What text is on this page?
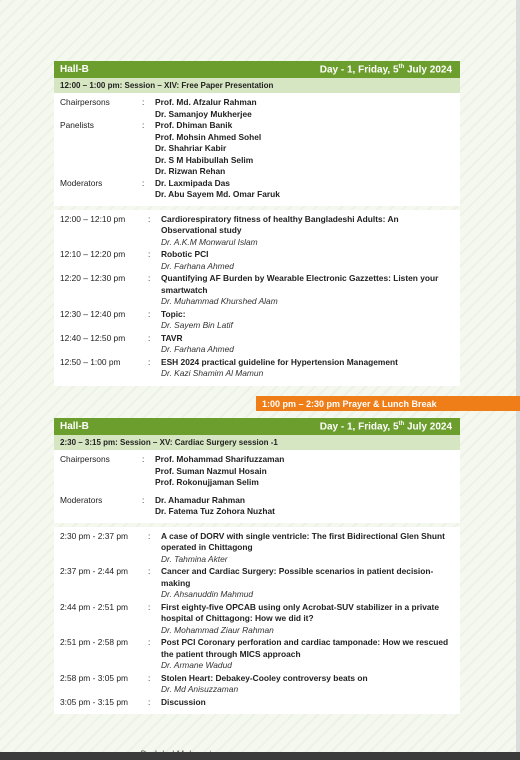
Hall-B	Day - 1, Friday, 5th July 2024
12:00 – 1:00 pm: Session – XIV: Free Paper Presentation
Chairpersons	:	Prof. Md. Afzalur Rahman
Dr. Samanjoy Mukherjee
Panelists	:	Prof. Dhiman Banik
Prof. Mohsin Ahmed Sohel
Dr. Shahriar Kabir
Dr. S M Habibullah Selim
Dr. Rizwan Rehan
Moderators	:	Dr. Laxmipada Das
Dr. Abu Sayem Md. Omar Faruk
12:00 – 12:10 pm	:	Cardiorespiratory fitness of healthy Bangladeshi Adults: An Observational study
Dr. A.K.M Monwarul Islam
12:10 – 12:20 pm	:	Robotic PCI
Dr. Farhana Ahmed
12:20 – 12:30 pm	:	Quantifying AF Burden by Wearable Electronic Gazzettes: Listen your smartwatch
Dr. Muhammad Khurshed Alam
12:30 – 12:40 pm	:	Topic:
Dr. Sayem Bin Latif
12:40 – 12:50 pm	:	TAVR
Dr. Farhana Ahmed
12:50 – 1:00 pm	:	ESH 2024 practical guideline for Hypertension Management
Dr. Kazi Shamim Al Mamun
1:00 pm – 2:30 pm Prayer & Lunch Break
Hall-B	Day - 1, Friday, 5th July 2024
2:30 – 3:15 pm: Session – XV: Cardiac Surgery session -1
Chairpersons	:	Prof. Mohammad Sharifuzzaman
Prof. Suman Nazmul Hosain
Prof. Rokonujjaman Selim
Moderators	:	Dr. Ahamadur Rahman
Dr. Fatema Tuz Zohora Nuzhat
2:30 pm - 2:37 pm	:	A case of DORV with single ventricle: The first Bidirectional Glen Shunt operated in Chittagong
Dr. Tahmina Akter
2:37 pm - 2:44 pm	:	Cancer and Cardiac Surgery: Possible scenarios in patient decision-making
Dr. Ahsanuddin Mahmud
2:44 pm - 2:51 pm	:	First eighty-five OPCAB using only Acrobat-SUV stabilizer in a private hospital of Chittagong: How we did it?
Dr. Mohammad Ziaur Rahman
2:51 pm - 2:58 pm	:	Post PCI Coronary perforation and cardiac tamponade: How we rescued the patient through MICS approach
Dr. Armane Wadud
2:58 pm - 3:05 pm	:	Stolen Heart: Debakey-Cooley controversy beats on
Dr. Md Anisuzzaman
3:05 pm - 3:15 pm	:	Discussion
